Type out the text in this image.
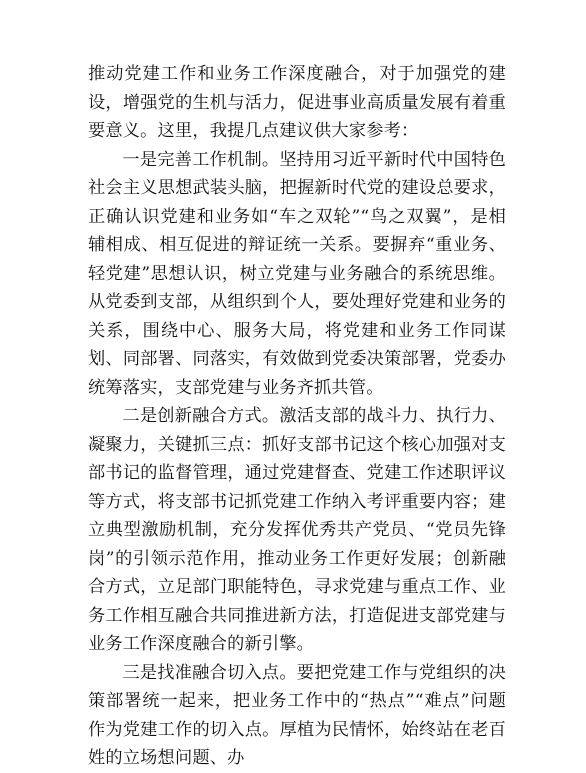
推动党建工作和业务工作深度融合，对于加强党的建设，增强党的生机与活力，促进事业高质量发展有着重要意义。这里，我提几点建议供大家参考：

一是完善工作机制。坚持用习近平新时代中国特色社会主义思想武装头脑，把握新时代党的建设总要求，正确认识党建和业务如“车之双轮”“鸟之双翼”，是相辅相成、相互促进的辩证统一关系。要摒弃“重业务、轻党建”思想认识，树立党建与业务融合的系统思维。从党委到支部，从组织到个人，要处理好党建和业务的关系，围绕中心、服务大局，将党建和业务工作同谋划、同部署、同落实，有效做到党委决策部署，党委办统筹落实，支部党建与业务齐抓共管。

二是创新融合方式。激活支部的战斗力、执行力、凝聚力，关键抓三点：抓好支部书记这个核心加强对支部书记的监督管理，通过党建督查、党建工作述职评议等方式，将支部书记抓党建工作纳入考评重要内容；建立典型激励机制，充分发挥优秀共产党员、“党员先锋岗”的引领示范作用，推动业务工作更好发展；创新融合方式，立足部门职能特色，寻求党建与重点工作、业务工作相互融合共同推进新方法，打造促进支部党建与业务工作深度融合的新引擎。

三是找准融合切入点。要把党建工作与党组织的决策部署统一起来，把业务工作中的“热点”“难点”问题作为党建工作的切入点。厚植为民情怀，始终站在老百姓的立场想问题、办
